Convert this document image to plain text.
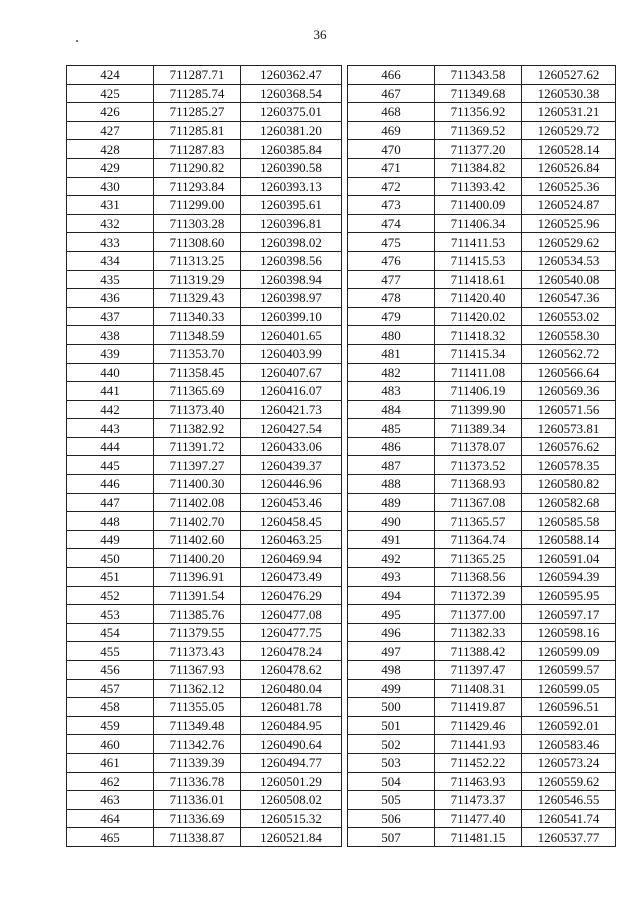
36
424	711287.71	1260362.47
425	711285.74	1260368.54
426	711285.27	1260375.01
427	711285.81	1260381.20
428	711287.83	1260385.84
429	711290.82	1260390.58
430	711293.84	1260393.13
431	711299.00	1260395.61
432	711303.28	1260396.81
433	711308.60	1260398.02
434	711313.25	1260398.56
435	711319.29	1260398.94
436	711329.43	1260398.97
437	711340.33	1260399.10
438	711348.59	1260401.65
439	711353.70	1260403.99
440	711358.45	1260407.67
441	711365.69	1260416.07
442	711373.40	1260421.73
443	711382.92	1260427.54
444	711391.72	1260433.06
445	711397.27	1260439.37
446	711400.30	1260446.96
447	711402.08	1260453.46
448	711402.70	1260458.45
449	711402.60	1260463.25
450	711400.20	1260469.94
451	711396.91	1260473.49
452	711391.54	1260476.29
453	711385.76	1260477.08
454	711379.55	1260477.75
455	711373.43	1260478.24
456	711367.93	1260478.62
457	711362.12	1260480.04
458	711355.05	1260481.78
459	711349.48	1260484.95
460	711342.76	1260490.64
461	711339.39	1260494.77
462	711336.78	1260501.29
463	711336.01	1260508.02
464	711336.69	1260515.32
465	711338.87	1260521.84
466	711343.58	1260527.62
467	711349.68	1260530.38
468	711356.92	1260531.21
469	711369.52	1260529.72
470	711377.20	1260528.14
471	711384.82	1260526.84
472	711393.42	1260525.36
473	711400.09	1260524.87
474	711406.34	1260525.96
475	711411.53	1260529.62
476	711415.53	1260534.53
477	711418.61	1260540.08
478	711420.40	1260547.36
479	711420.02	1260553.02
480	711418.32	1260558.30
481	711415.34	1260562.72
482	711411.08	1260566.64
483	711406.19	1260569.36
484	711399.90	1260571.56
485	711389.34	1260573.81
486	711378.07	1260576.62
487	711373.52	1260578.35
488	711368.93	1260580.82
489	711367.08	1260582.68
490	711365.57	1260585.58
491	711364.74	1260588.14
492	711365.25	1260591.04
493	711368.56	1260594.39
494	711372.39	1260595.95
495	711377.00	1260597.17
496	711382.33	1260598.16
497	711388.42	1260599.09
498	711397.47	1260599.57
499	711408.31	1260599.05
500	711419.87	1260596.51
501	711429.46	1260592.01
502	711441.93	1260583.46
503	711452.22	1260573.24
504	711463.93	1260559.62
505	711473.37	1260546.55
506	711477.40	1260541.74
507	711481.15	1260537.77
